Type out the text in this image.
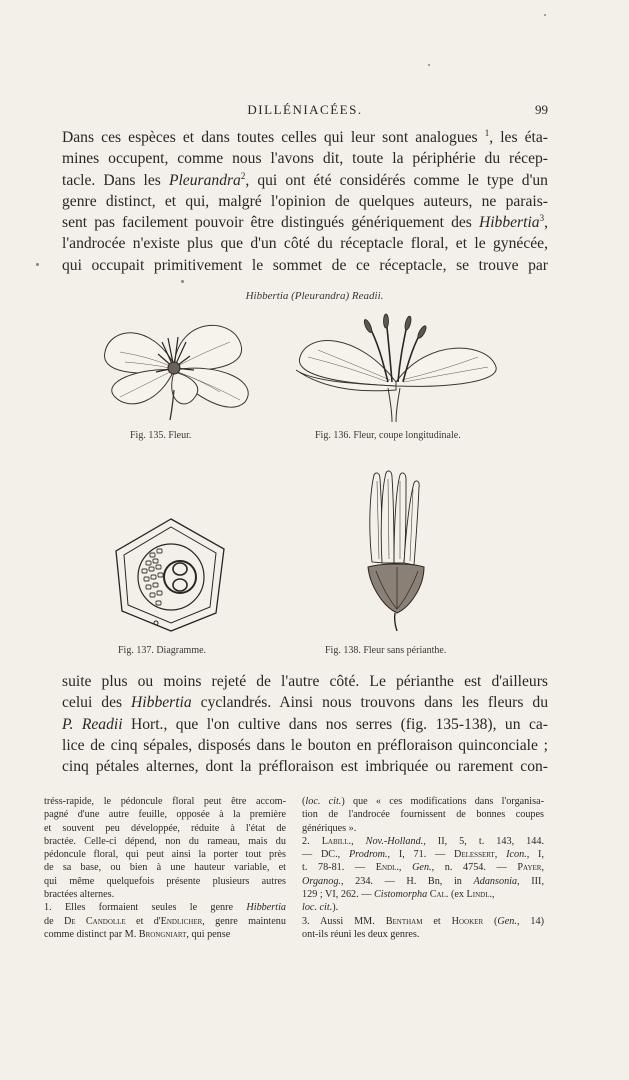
DILLÉNIACÉES.	99
Dans ces espèces et dans toutes celles qui leur sont analogues $^1$, les éta-
mines occupent, comme nous l'avons dit, toute la périphérie du récep-
tacle. Dans les Pleurandra$^2$, qui ont été considérés comme le type d'un
genre distinct, et qui, malgré l'opinion de quelques auteurs, ne parais-
sent pas facilement pouvoir être distingués génériquement des Hibbertia$^3$,
l'androcée n'existe plus que d'un côté du réceptacle floral, et le gynécée,
qui occupait primitivement le sommet de ce réceptacle, se trouve par
Hibbertia (Pleurandra) Readii.
Fig. 135. Fleur.	Fig. 136. Fleur, coupe longitudinale.
Fig. 137. Diagramme.	Fig. 138. Fleur sans périanthe.
suite plus ou moins rejeté de l'autre côté. Le périanthe est d'ailleurs
celui des Hibbertia cyclandrés. Ainsi nous trouvons dans les fleurs du
P. Readii Hort., que l'on cultive dans nos serres (fig. 135-138), un ca-
lice de cinq sépales, disposés dans le bouton en préfloraison quinconciale ;
cinq pétales alternes, dont la préfloraison est imbriquée ou rarement con-
tréss-rapide, le pédoncule floral peut être accom-
pagné d'une autre feuille, opposée à la première
et souvent peu développée, réduite à l'état de
bractée. Celle-ci dépend, non du rameau, mais du
pédoncule floral, qui peut ainsi la porter tout près
de sa base, ou bien à une hauteur variable, et
qui même quelquefois présente plusieurs autres
bractées alternes.
1. Elles formaient seules le genre Hibbertia
de De Candolle et d'Endlicher, genre maintenu
comme distinct par M. Brongniart, qui pense
(loc. cit.) que « ces modifications dans l'organisa-
tion de l'androcée fournissent de bonnes coupes
génériques ».
2. Labill., Nov.-Holland., II, 5, t. 143, 144.
— DC., Prodrom., I, 71. — Delessert, Icon., I,
t. 78-81. — Endl., Gen., n. 4754. — Payer,
Organog., 234. — H. Bn, in Adansonia, III,
129 ; VI, 262. — Cistomorpha Cal. (ex Lindl.,
loc. cit.).
3. Aussi MM. Bentham et Hooker (Gen., 14)
ont-ils réuni les deux genres.
